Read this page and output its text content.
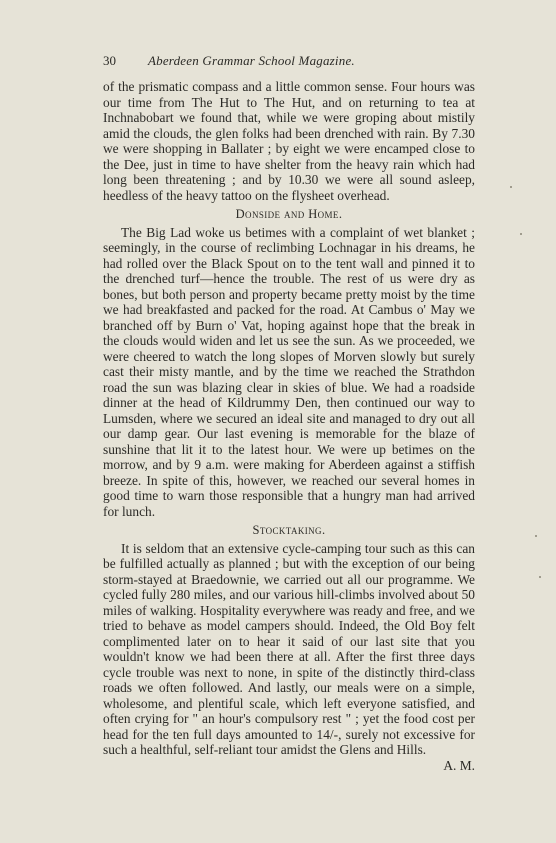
30 Aberdeen Grammar School Magazine.

of the prismatic compass and a little common sense. Four hours was our time from The Hut to The Hut, and on returning to tea at Inchnabobart we found that, while we were groping about mistily amid the clouds, the glen folks had been drenched with rain. By 7.30 we were shopping in Ballater ; by eight we were encamped close to the Dee, just in time to have shelter from the heavy rain which had long been threatening ; and by 10.30 we were all sound asleep, heedless of the heavy tattoo on the flysheet overhead.

Donside and Home.

The Big Lad woke us betimes with a complaint of wet blanket ; seemingly, in the course of reclimbing Lochnagar in his dreams, he had rolled over the Black Spout on to the tent wall and pinned it to the drenched turf—hence the trouble. The rest of us were dry as bones, but both person and property became pretty moist by the time we had breakfasted and packed for the road. At Cambus o' May we branched off by Burn o' Vat, hoping against hope that the break in the clouds would widen and let us see the sun. As we proceeded, we were cheered to watch the long slopes of Morven slowly but surely cast their misty mantle, and by the time we reached the Strathdon road the sun was blazing clear in skies of blue. We had a roadside dinner at the head of Kildrummy Den, then continued our way to Lumsden, where we secured an ideal site and managed to dry out all our damp gear. Our last evening is memorable for the blaze of sunshine that lit it to the latest hour. We were up betimes on the morrow, and by 9 a.m. were making for Aberdeen against a stiffish breeze. In spite of this, however, we reached our several homes in good time to warn those responsible that a hungry man had arrived for lunch.

Stocktaking.

It is seldom that an extensive cycle-camping tour such as this can be fulfilled actually as planned ; but with the exception of our being storm-stayed at Braedownie, we carried out all our programme. We cycled fully 280 miles, and our various hill-climbs involved about 50 miles of walking. Hospitality everywhere was ready and free, and we tried to behave as model campers should. Indeed, the Old Boy felt complimented later on to hear it said of our last site that you wouldn't know we had been there at all. After the first three days cycle trouble was next to none, in spite of the distinctly third-class roads we often followed. And lastly, our meals were on a simple, wholesome, and plentiful scale, which left everyone satisfied, and often crying for " an hour's compulsory rest " ; yet the food cost per head for the ten full days amounted to 14/-, surely not excessive for such a healthful, self-reliant tour amidst the Glens and Hills.
A. M.
